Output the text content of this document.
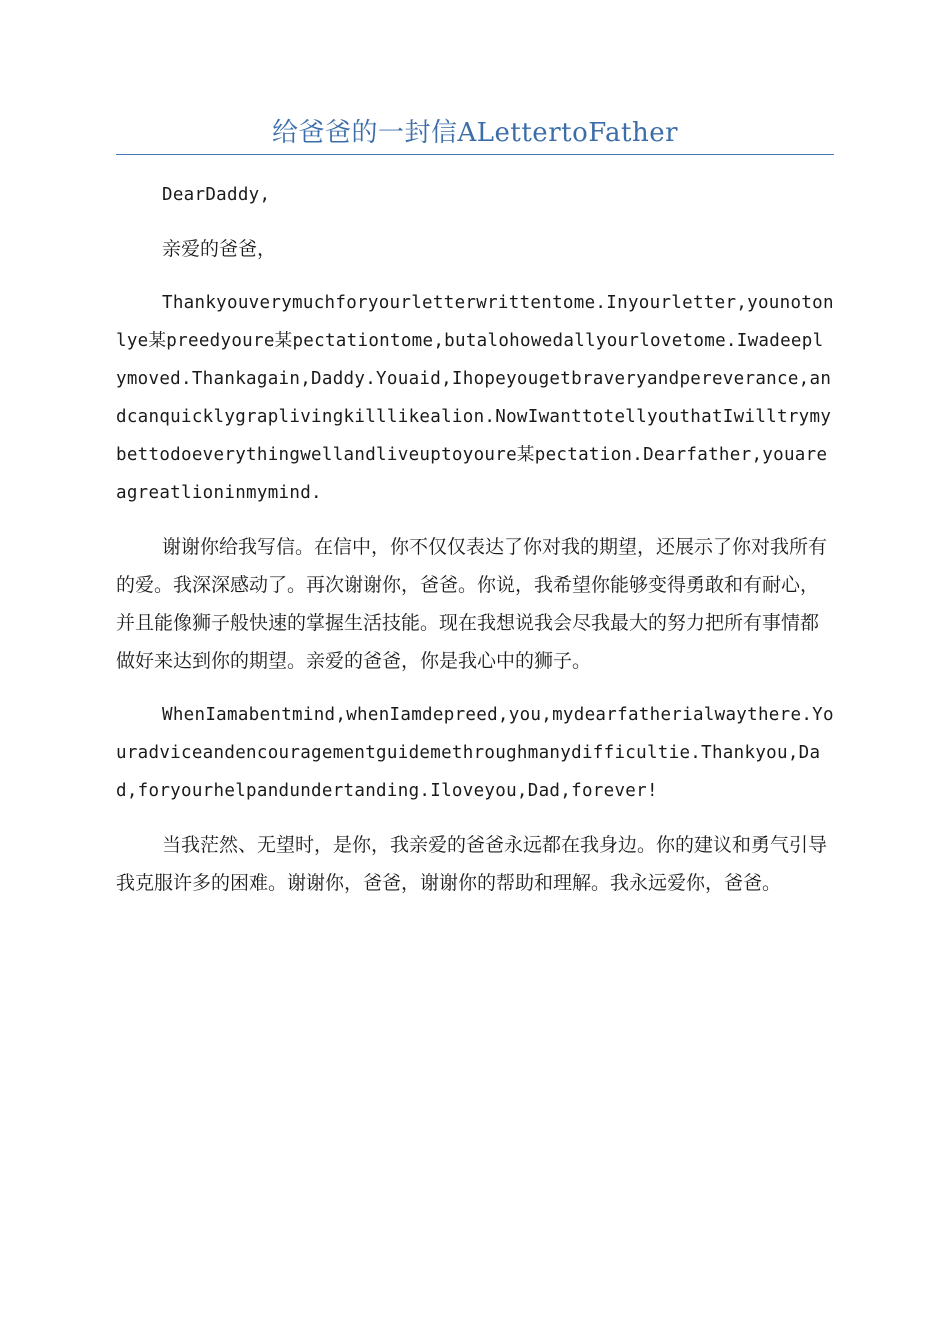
给爸爸的一封信ALettertoFather

DearDaddy,

亲爱的爸爸，

Thankyouverymuchforyourletterwrittentome.Inyourletter,younotonlye某preedyoure某pectationtome,butalohowedallyourlovetome.Iwadeeplymoved.Thankagain,Daddy.Youaid,Ihopeyougetbraveryandpereverance,andcanquicklygraplivingkilllikealion.NowIwanttotellyouthatIwilltrymybettodoeverythingwellandliveuptoyoure某pectation.Dearfather,youareagreatlioninmymind.

谢谢你给我写信。在信中，你不仅仅表达了你对我的期望，还展示了你对我所有的爱。我深深感动了。再次谢谢你，爸爸。你说，我希望你能够变得勇敢和有耐心，并且能像狮子般快速的掌握生活技能。现在我想说我会尽我最大的努力把所有事情都做好来达到你的期望。亲爱的爸爸，你是我心中的狮子。

WhenIamabentmind,whenIamdepreed,you,mydearfatherialwaythere.Youradviceandencouragementguidemethroughmanydifficultie.Thankyou,Dad,foryourhelpandundertanding.Iloveyou,Dad,forever!

当我茫然、无望时，是你，我亲爱的爸爸永远都在我身边。你的建议和勇气引导我克服许多的困难。谢谢你，爸爸，谢谢你的帮助和理解。我永远爱你，爸爸。
